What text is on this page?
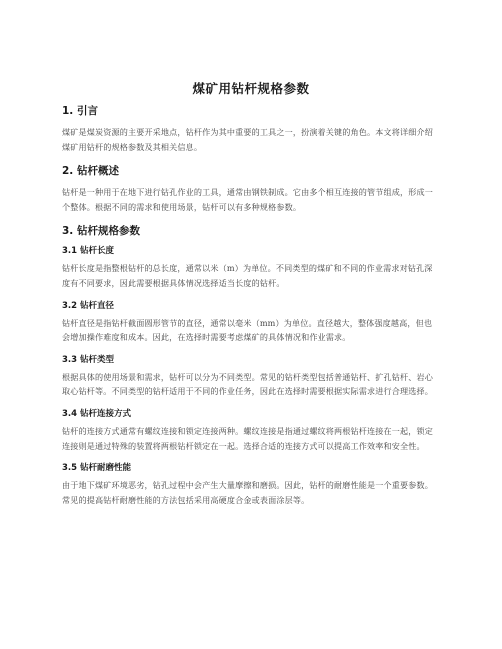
煤矿用钻杆规格参数
1. 引言

煤矿是煤炭资源的主要开采地点，钻杆作为其中重要的工具之一，扮演着关键的角色。本文将详细介绍煤矿用钻杆的规格参数及其相关信息。

2. 钻杆概述

钻杆是一种用于在地下进行钻孔作业的工具，通常由钢铁制成。它由多个相互连接的管节组成，形成一个整体。根据不同的需求和使用场景，钻杆可以有多种规格参数。

3. 钻杆规格参数
3.1 钻杆长度

钻杆长度是指整根钻杆的总长度，通常以米（m）为单位。不同类型的煤矿和不同的作业需求对钻孔深度有不同要求，因此需要根据具体情况选择适当长度的钻杆。

3.2 钻杆直径

钻杆直径是指钻杆截面圆形管节的直径，通常以毫米（mm）为单位。直径越大，整体强度越高，但也会增加操作难度和成本。因此，在选择时需要考虑煤矿的具体情况和作业需求。

3.3 钻杆类型

根据具体的使用场景和需求，钻杆可以分为不同类型。常见的钻杆类型包括普通钻杆、扩孔钻杆、岩心取心钻杆等。不同类型的钻杆适用于不同的作业任务，因此在选择时需要根据实际需求进行合理选择。

3.4 钻杆连接方式

钻杆的连接方式通常有螺纹连接和锁定连接两种。螺纹连接是指通过螺纹将两根钻杆连接在一起，锁定连接则是通过特殊的装置将两根钻杆锁定在一起。选择合适的连接方式可以提高工作效率和安全性。

3.5 钻杆耐磨性能

由于地下煤矿环境恶劣，钻孔过程中会产生大量摩擦和磨损。因此，钻杆的耐磨性能是一个重要参数。常见的提高钻杆耐磨性能的方法包括采用高硬度合金或表面涂层等。
